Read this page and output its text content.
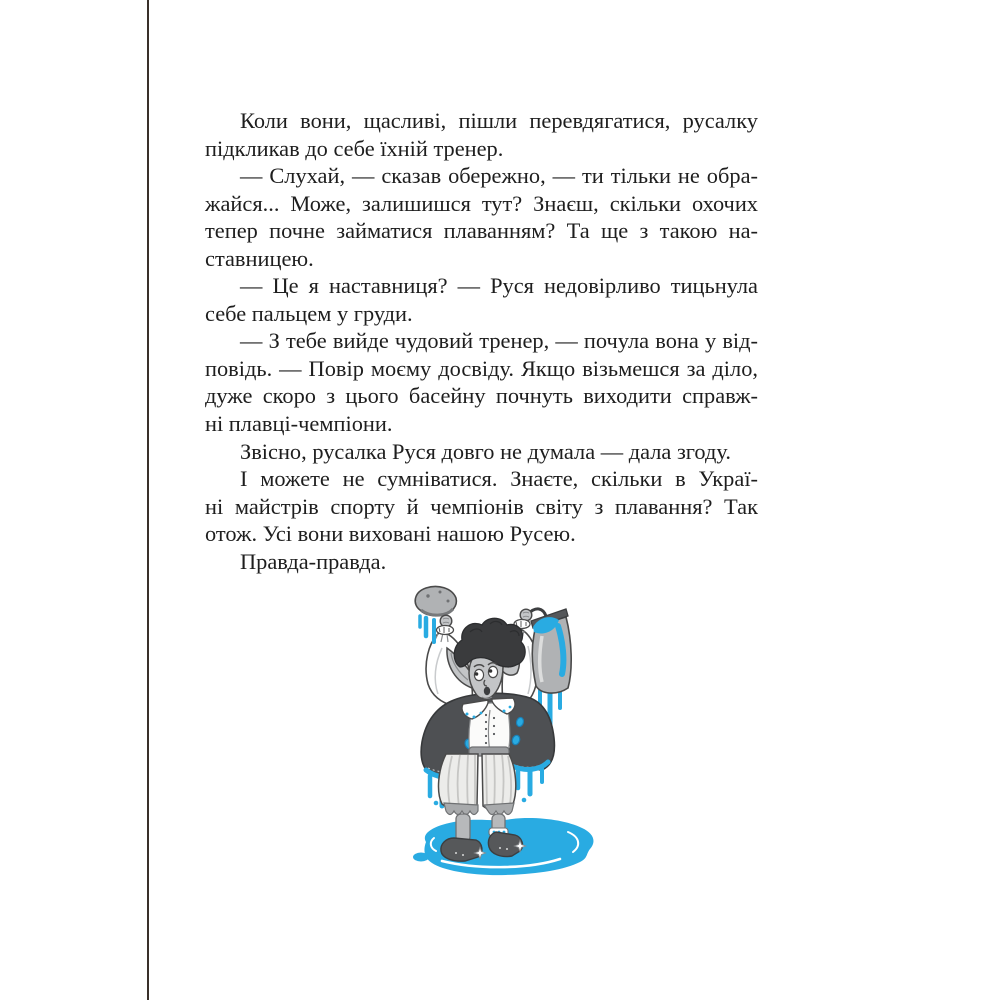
Коли вони, щасливі, пішли перевдягатися, русалку
підкликав до себе їхній тренер.
— Слухай, — сказав обережно, — ти тільки не обра-
жайся... Може, залишишся тут? Знаєш, скільки охочих
тепер почне займатися плаванням? Та ще з такою на-
ставницею.
— Це я наставниця? — Руся недовірливо тицьнула
себе пальцем у груди.
— З тебе вийде чудовий тренер, — почула вона у від-
повідь. — Повір моєму досвіду. Якщо візьмешся за діло,
дуже скоро з цього басейну почнуть виходити справж-
ні плавці-чемпіони.
Звісно, русалка Руся довго не думала — дала згоду.
І можете не сумніватися. Знаєте, скільки в Украї-
ні майстрів спорту й чемпіонів світу з плавання? Так
отож. Усі вони виховані нашою Русею.
Правда-правда.
